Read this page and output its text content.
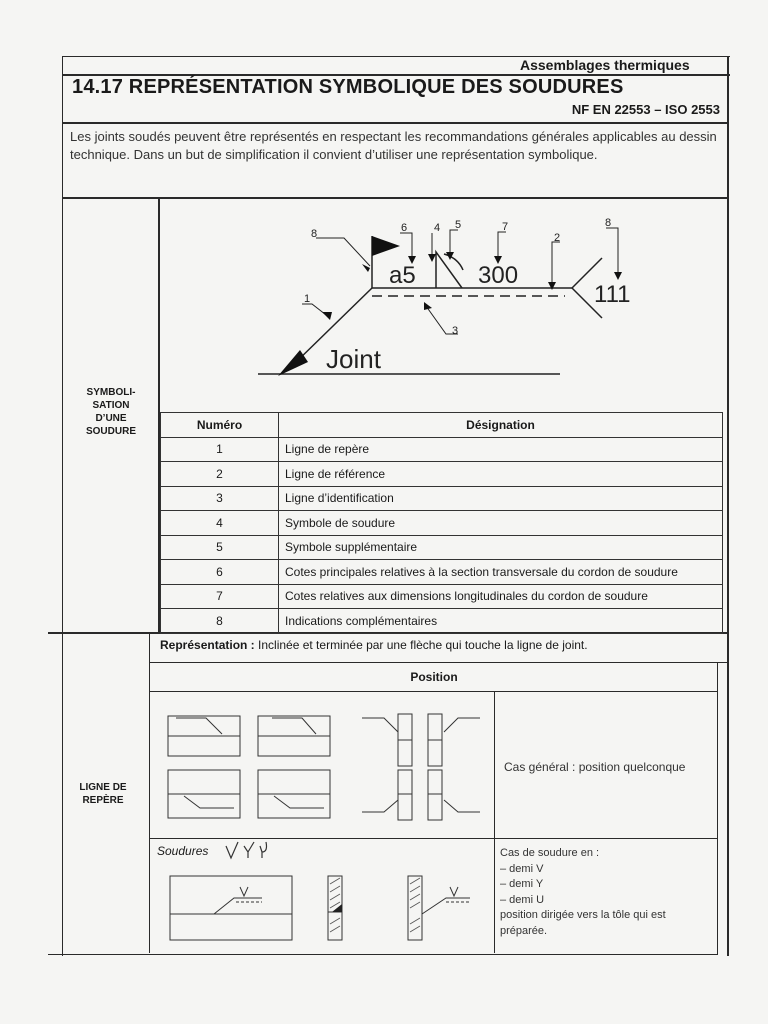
Assemblages thermiques
14.17 REPRÉSENTATION SYMBOLIQUE DES SOUDURES
NF EN 22553 – ISO 2553
Les joints soudés peuvent être représentés en respectant les recommandations générales applicables au dessin technique. Dans un but de simplification il convient d’utiliser une représentation symbolique.
SYMBOLI-
SATION
D’UNE
SOUDURE
LIGNE DE
REPÈRE
8	6 4 5	7
2
8
1
3
a5	300
111
Joint
Numéro	Désignation
1	Ligne de repère
2	Ligne de référence
3	Ligne d’identification
4	Symbole de soudure
5	Symbole supplémentaire
6	Cotes principales relatives à la section transversale du cordon de soudure
7	Cotes relatives aux dimensions longitudinales du cordon de soudure
8	Indications complémentaires
Représentation : Inclinée et terminée par une flèche qui touche la ligne de joint.
Position
Cas général : position quelconque
Soudures	Cas de soudure en :
– demi V
– demi Y
– demi U
position dirigée vers la tôle qui est préparée.
